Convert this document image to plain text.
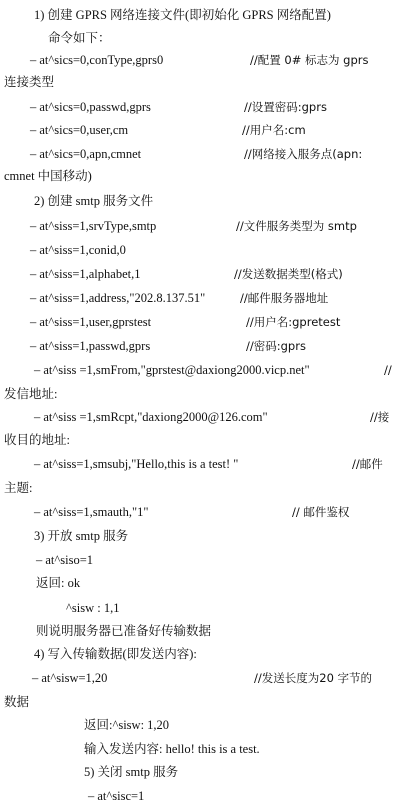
1) 创建 GPRS 网络连接文件(即初始化 GPRS 网络配置)
命令如下：
– at^sics=0,conType,gprs0	//配置 0# 标志为 gprs
连接类型
– at^sics=0,passwd,gprs	//设置密码:gprs
– at^sics=0,user,cm	//用户名:cm
– at^sics=0,apn,cmnet	//网络接入服务点(apn:
cmnet 中国移动)
2) 创建 smtp 服务文件
– at^siss=1,srvType,smtp	//文件服务类型为 smtp
– at^siss=1,conid,0
– at^siss=1,alphabet,1	//发送数据类型(格式)
– at^siss=1,address,"202.8.137.51"	//邮件服务器地址
– at^siss=1,user,gprstest	//用户名:gpretest
– at^siss=1,passwd,gprs	//密码:gprs
– at^siss =1,smFrom,"gprstest@daxiong2000.vicp.net"	//
发信地址:
– at^siss =1,smRcpt,"daxiong2000@126.com"	//接
收目的地址:
– at^siss=1,smsubj,"Hello,this is a test! "	//邮件
主题:
– at^siss=1,smauth,"1"	// 邮件鉴权
3) 开放 smtp 服务
– at^siso=1
返回: ok
^sisw : 1,1
则说明服务器已准备好传输数据
4) 写入传输数据(即发送内容):
– at^sisw=1,20	//发送长度为20 字节的
数据
返回:^sisw: 1,20
输入发送内容: hello! this is a test.
5) 关闭 smtp 服务
– at^sisc=1
